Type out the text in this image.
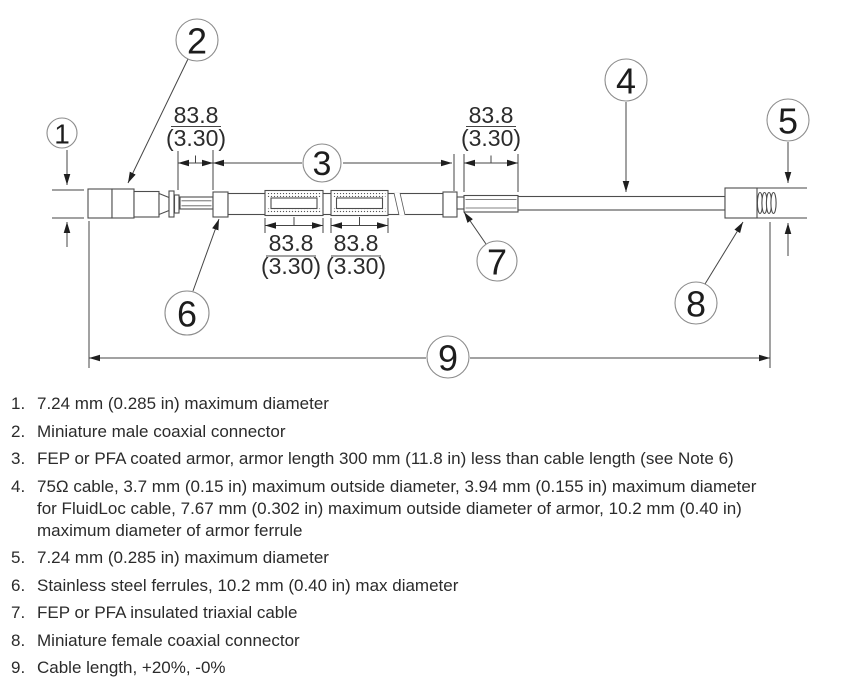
83.8
(3.30)
83.8
(3.30)
83.8
(3.30)
83.8
(3.30)
1
2
3
4
5
6
7
8
9
1. 7.24 mm (0.285 in) maximum diameter
2. Miniature male coaxial connector
3. FEP or PFA coated armor, armor length 300 mm (11.8 in) less than cable length (see Note 6)
4. 75Ω cable, 3.7 mm (0.15 in) maximum outside diameter, 3.94 mm (0.155 in) maximum diameter
for FluidLoc cable, 7.67 mm (0.302 in) maximum outside diameter of armor, 10.2 mm (0.40 in)
maximum diameter of armor ferrule
5. 7.24 mm (0.285 in) maximum diameter
6. Stainless steel ferrules, 10.2 mm (0.40 in) max diameter
7. FEP or PFA insulated triaxial cable
8. Miniature female coaxial connector
9. Cable length, +20%, -0%
